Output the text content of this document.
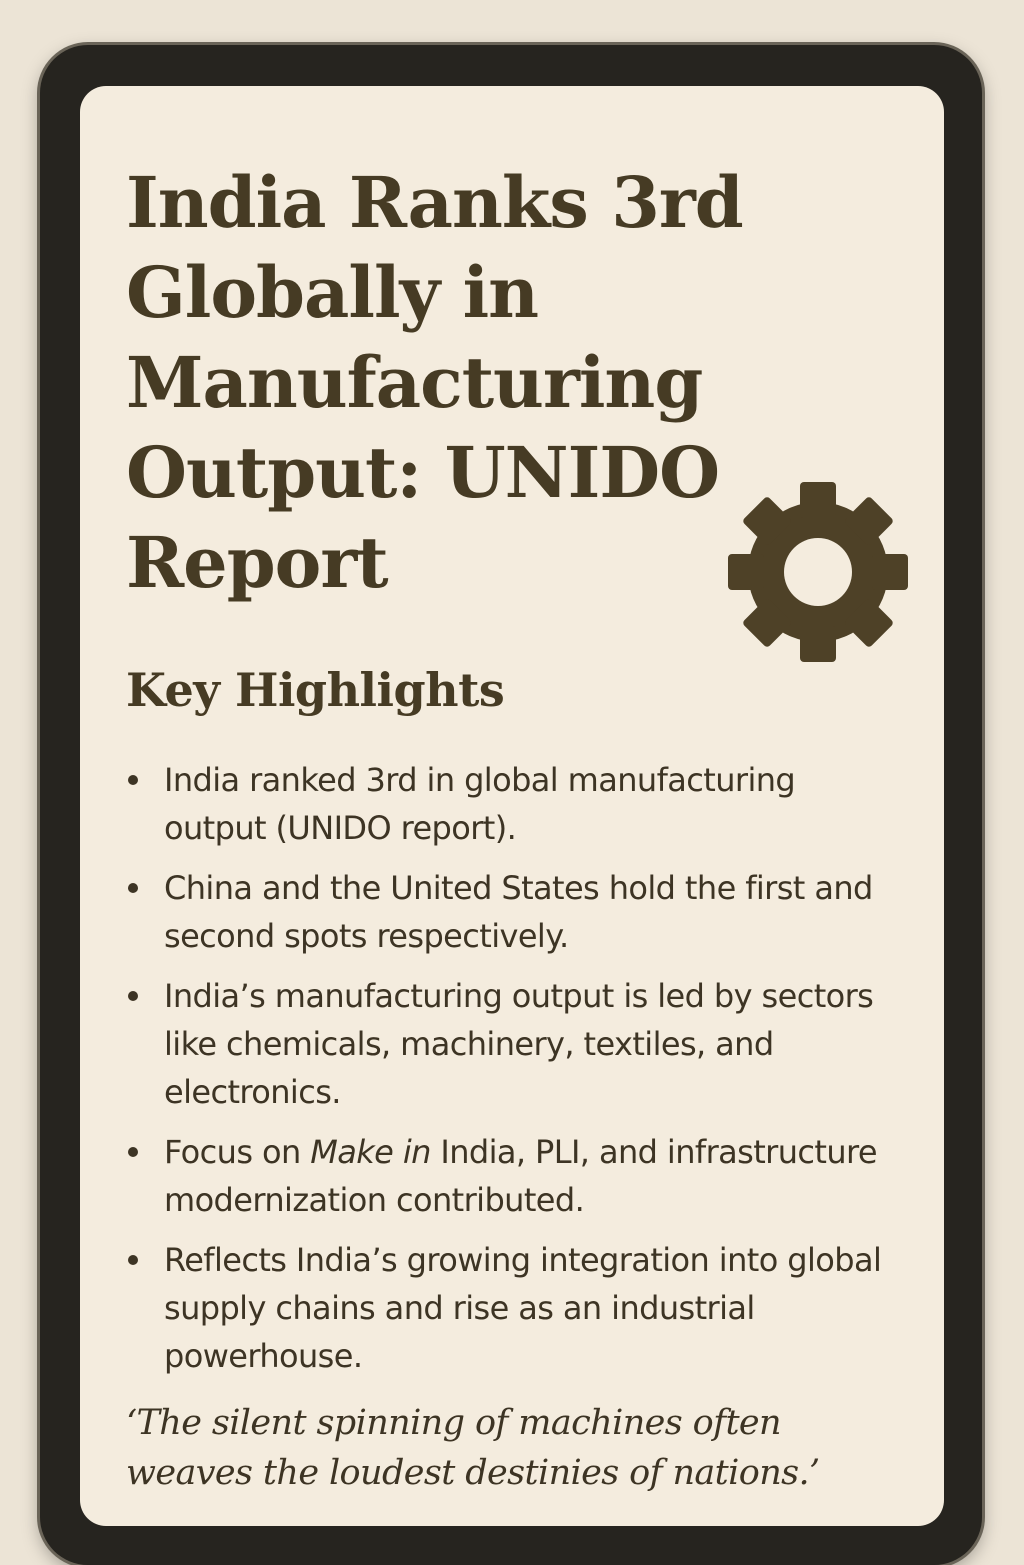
India Ranks 3rd Globally in Manufacturing Output: UNIDO Report
Key Highlights
India ranked 3rd in global manufacturing output (UNIDO report).
China and the United States hold the first and second spots respectively.
India’s manufacturing output is led by sectors like chemicals, machinery, textiles, and electronics.
Focus on Make in India, PLI, and infrastructure modernization contributed.
Reflects India’s growing integration into global supply chains and rise as an industrial powerhouse.

‘The silent spinning of machines often weaves the loudest destinies of nations.’
